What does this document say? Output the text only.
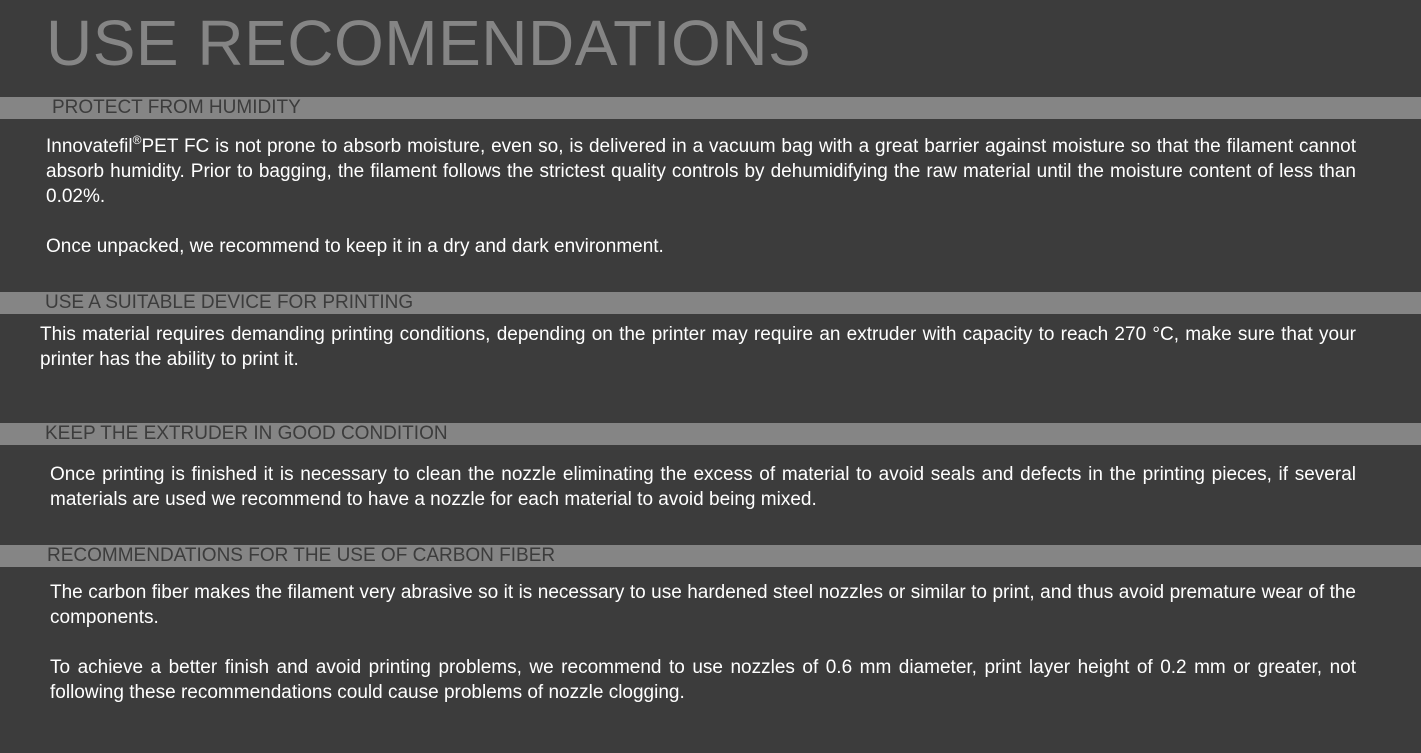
USE RECOMENDATIONS
PROTECT FROM HUMIDITY

Innovatefil®PET FC is not prone to absorb moisture, even so, is delivered in a vacuum bag with a great barrier against moisture so that the filament cannot absorb humidity. Prior to bagging, the filament follows the strictest quality controls by dehumidifying the raw material until the moisture content of less than 0.02%.

Once unpacked, we recommend to keep it in a dry and dark environment.

USE A SUITABLE DEVICE FOR PRINTING

This material requires demanding printing conditions, depending on the printer may require an extruder with capacity to reach 270 °C, make sure that your printer has the ability to print it.

KEEP THE EXTRUDER IN GOOD CONDITION

Once printing is finished it is necessary to clean the nozzle eliminating the excess of material to avoid seals and defects in the printing pieces, if several materials are used we recommend to have a nozzle for each material to avoid being mixed.

RECOMMENDATIONS FOR THE USE OF CARBON FIBER

The carbon fiber makes the filament very abrasive so it is necessary to use hardened steel nozzles or similar to print, and thus avoid premature wear of the components.

To achieve a better finish and avoid printing problems, we recommend to use nozzles of 0.6 mm diameter, print layer height of 0.2 mm or greater, not following these recommendations could cause problems of nozzle clogging.
